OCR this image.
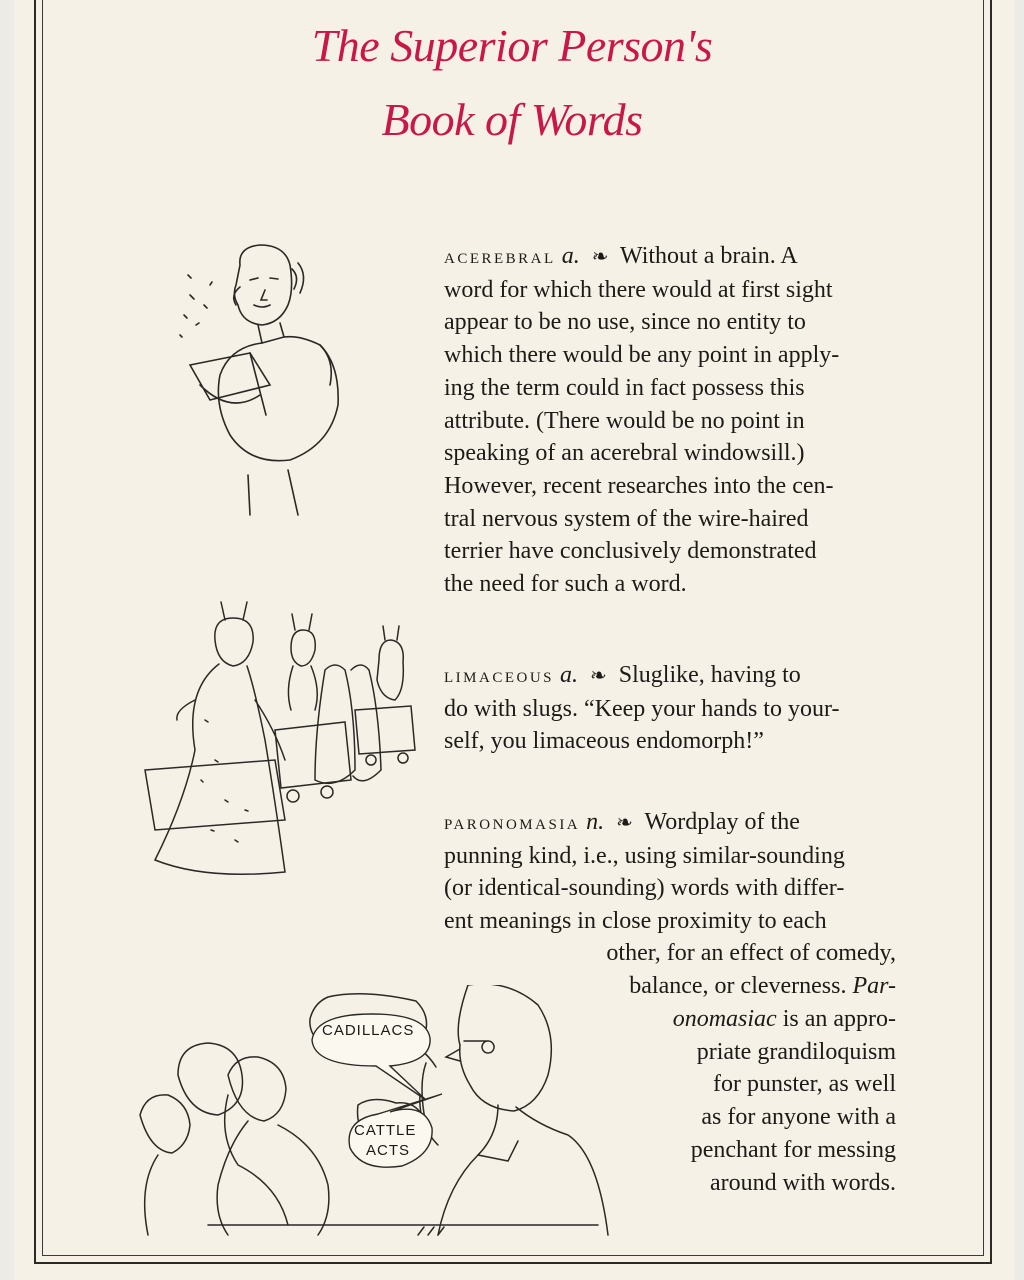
The Superior Person's
Book of Words
acerebral a. ❧ Without a brain. A
word for which there would at first sight
appear to be no use, since no entity to
which there would be any point in apply-
ing the term could in fact possess this
attribute. (There would be no point in
speaking of an acerebral windowsill.)
However, recent researches into the cen-
tral nervous system of the wire-haired
terrier have conclusively demonstrated
the need for such a word.
limaceous a. ❧ Sluglike, having to
do with slugs. “Keep your hands to your-
self, you limaceous endomorph!”
paronomasia n. ❧ Wordplay of the
punning kind, i.e., using similar-sounding
(or identical-sounding) words with differ-
ent meanings in close proximity to each
other, for an effect of comedy,
balance, or cleverness. Par-
onomasiac is an appro-
priate grandiloquism
for punster, as well
as for anyone with a
penchant for messing
around with words.
CADILLACS
CATTLE
ACTS
